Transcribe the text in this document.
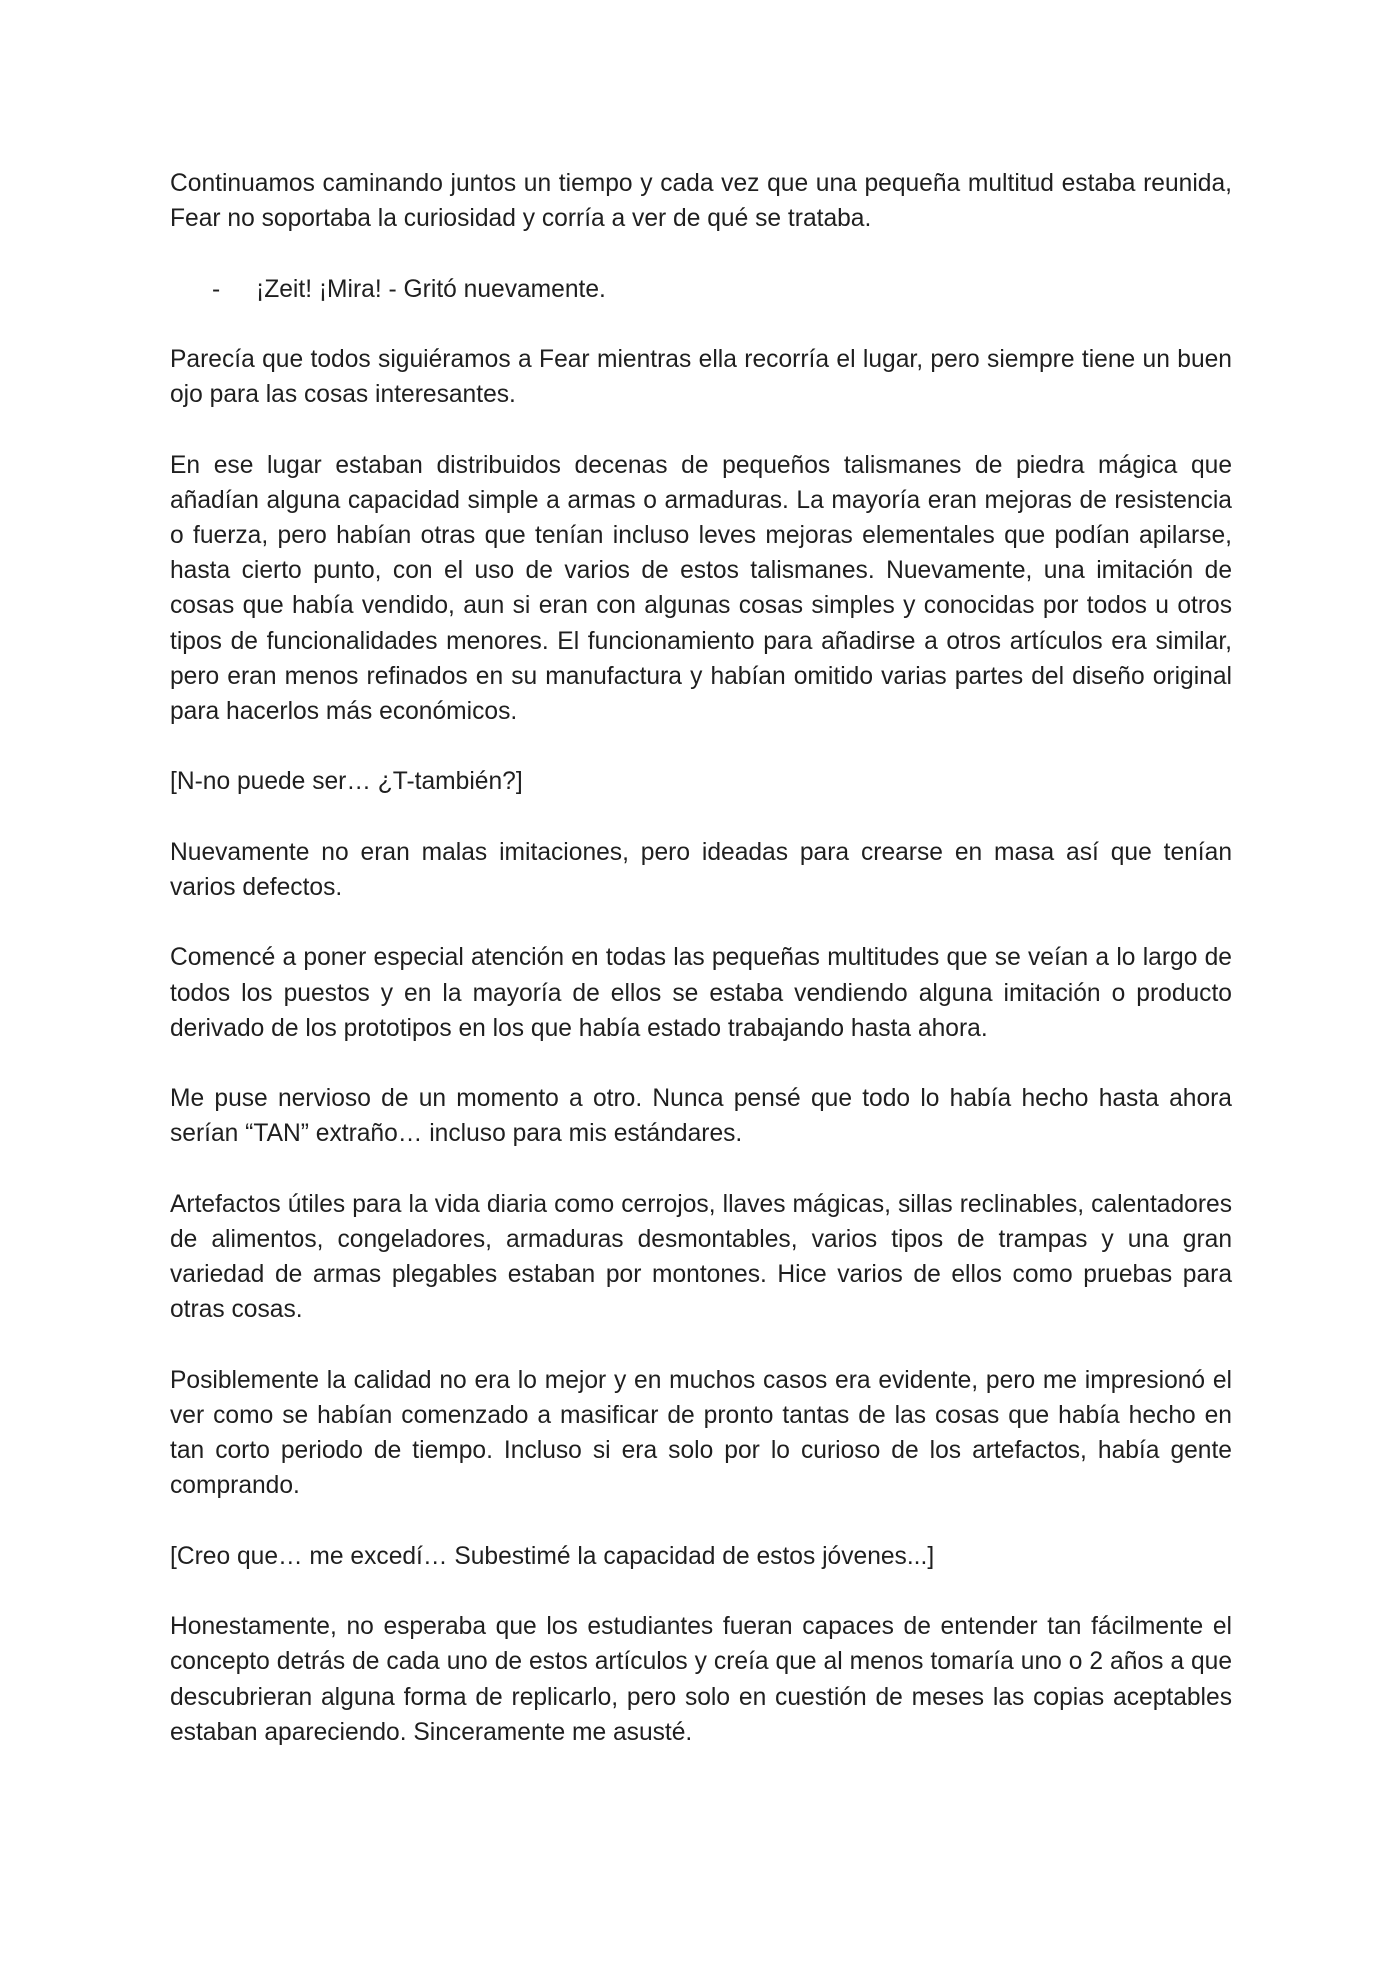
Continuamos caminando juntos un tiempo y cada vez que una pequeña multitud estaba reunida, Fear no soportaba la curiosidad y corría a ver de qué se trataba.

-	¡Zeit! ¡Mira! - Gritó nuevamente.

Parecía que todos siguiéramos a Fear mientras ella recorría el lugar, pero siempre tiene un buen ojo para las cosas interesantes.

En ese lugar estaban distribuidos decenas de pequeños talismanes de piedra mágica que añadían alguna capacidad simple a armas o armaduras. La mayoría eran mejoras de resistencia o fuerza, pero habían otras que tenían incluso leves mejoras elementales que podían apilarse, hasta cierto punto, con el uso de varios de estos talismanes. Nuevamente, una imitación de cosas que había vendido, aun si eran con algunas cosas simples y conocidas por todos u otros tipos de funcionalidades menores. El funcionamiento para añadirse a otros artículos era similar, pero eran menos refinados en su manufactura y habían omitido varias partes del diseño original para hacerlos más económicos.

[N-no puede ser… ¿T-también?]

Nuevamente no eran malas imitaciones, pero ideadas para crearse en masa así que tenían varios defectos.

Comencé a poner especial atención en todas las pequeñas multitudes que se veían a lo largo de todos los puestos y en la mayoría de ellos se estaba vendiendo alguna imitación o producto derivado de los prototipos en los que había estado trabajando hasta ahora.

Me puse nervioso de un momento a otro. Nunca pensé que todo lo había hecho hasta ahora serían “TAN” extraño… incluso para mis estándares.

Artefactos útiles para la vida diaria como cerrojos, llaves mágicas, sillas reclinables, calentadores de alimentos, congeladores, armaduras desmontables, varios tipos de trampas y una gran variedad de armas plegables estaban por montones. Hice varios de ellos como pruebas para otras cosas.

Posiblemente la calidad no era lo mejor y en muchos casos era evidente, pero me impresionó el ver como se habían comenzado a masificar de pronto tantas de las cosas que había hecho en tan corto periodo de tiempo. Incluso si era solo por lo curioso de los artefactos, había gente comprando.

[Creo que… me excedí… Subestimé la capacidad de estos jóvenes...]

Honestamente, no esperaba que los estudiantes fueran capaces de entender tan fácilmente el concepto detrás de cada uno de estos artículos y creía que al menos tomaría uno o 2 años a que descubrieran alguna forma de replicarlo, pero solo en cuestión de meses las copias aceptables estaban apareciendo. Sinceramente me asusté.
